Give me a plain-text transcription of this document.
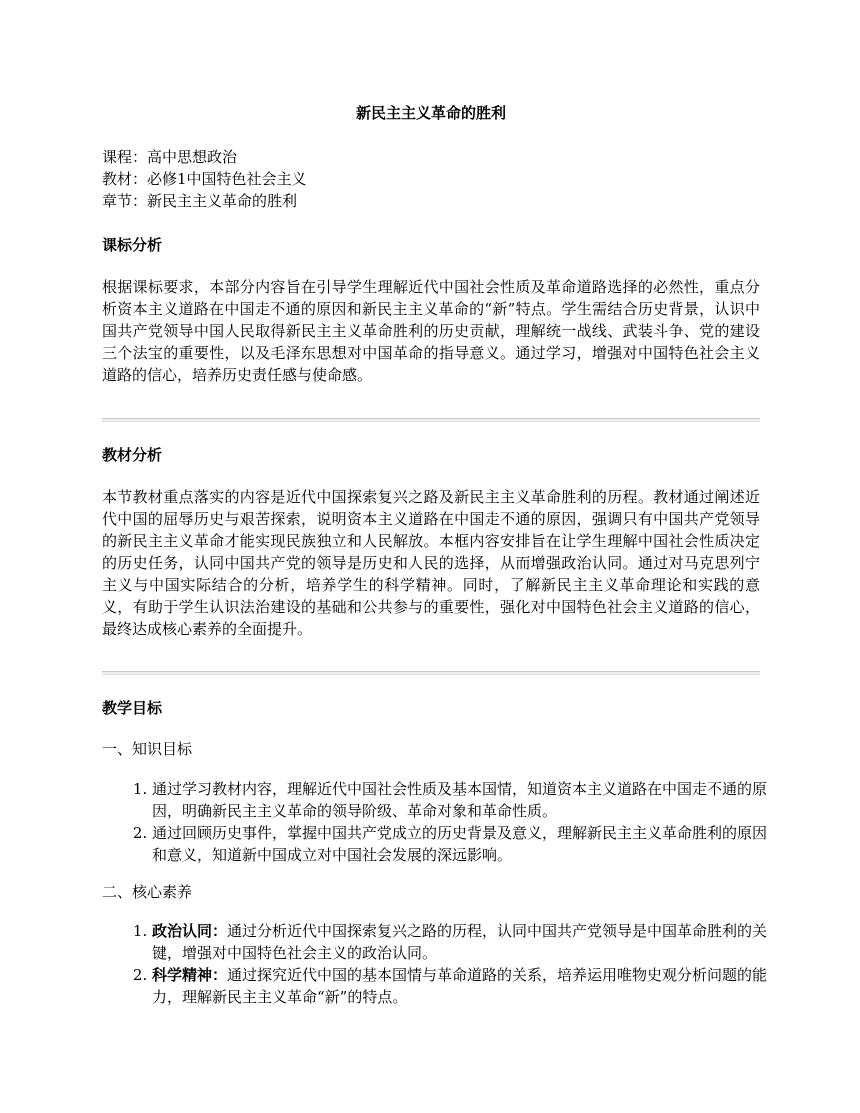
新民主主义革命的胜利
课程：高中思想政治
教材：必修1中国特色社会主义
章节：新民主主义革命的胜利
课标分析
根据课标要求，本部分内容旨在引导学生理解近代中国社会性质及革命道路选择的必然性，重点分析资本主义道路在中国走不通的原因和新民主主义革命的“新”特点。学生需结合历史背景，认识中国共产党领导中国人民取得新民主主义革命胜利的历史贡献，理解统一战线、武装斗争、党的建设三个法宝的重要性，以及毛泽东思想对中国革命的指导意义。通过学习，增强对中国特色社会主义道路的信心，培养历史责任感与使命感。
教材分析
本节教材重点落实的内容是近代中国探索复兴之路及新民主主义革命胜利的历程。教材通过阐述近代中国的屈辱历史与艰苦探索，说明资本主义道路在中国走不通的原因，强调只有中国共产党领导的新民主主义革命才能实现民族独立和人民解放。本框内容安排旨在让学生理解中国社会性质决定的历史任务，认同中国共产党的领导是历史和人民的选择，从而增强政治认同。通过对马克思列宁主义与中国实际结合的分析，培养学生的科学精神。同时，了解新民主主义革命理论和实践的意义，有助于学生认识法治建设的基础和公共参与的重要性，强化对中国特色社会主义道路的信心，最终达成核心素养的全面提升。
教学目标
一、知识目标
1. 通过学习教材内容，理解近代中国社会性质及基本国情，知道资本主义道路在中国走不通的原因，明确新民主主义革命的领导阶级、革命对象和革命性质。
2. 通过回顾历史事件，掌握中国共产党成立的历史背景及意义，理解新民主主义革命胜利的原因和意义，知道新中国成立对中国社会发展的深远影响。
二、核心素养
1. 政治认同：通过分析近代中国探索复兴之路的历程，认同中国共产党领导是中国革命胜利的关键，增强对中国特色社会主义的政治认同。
2. 科学精神：通过探究近代中国的基本国情与革命道路的关系，培养运用唯物史观分析问题的能力，理解新民主主义革命“新”的特点。
